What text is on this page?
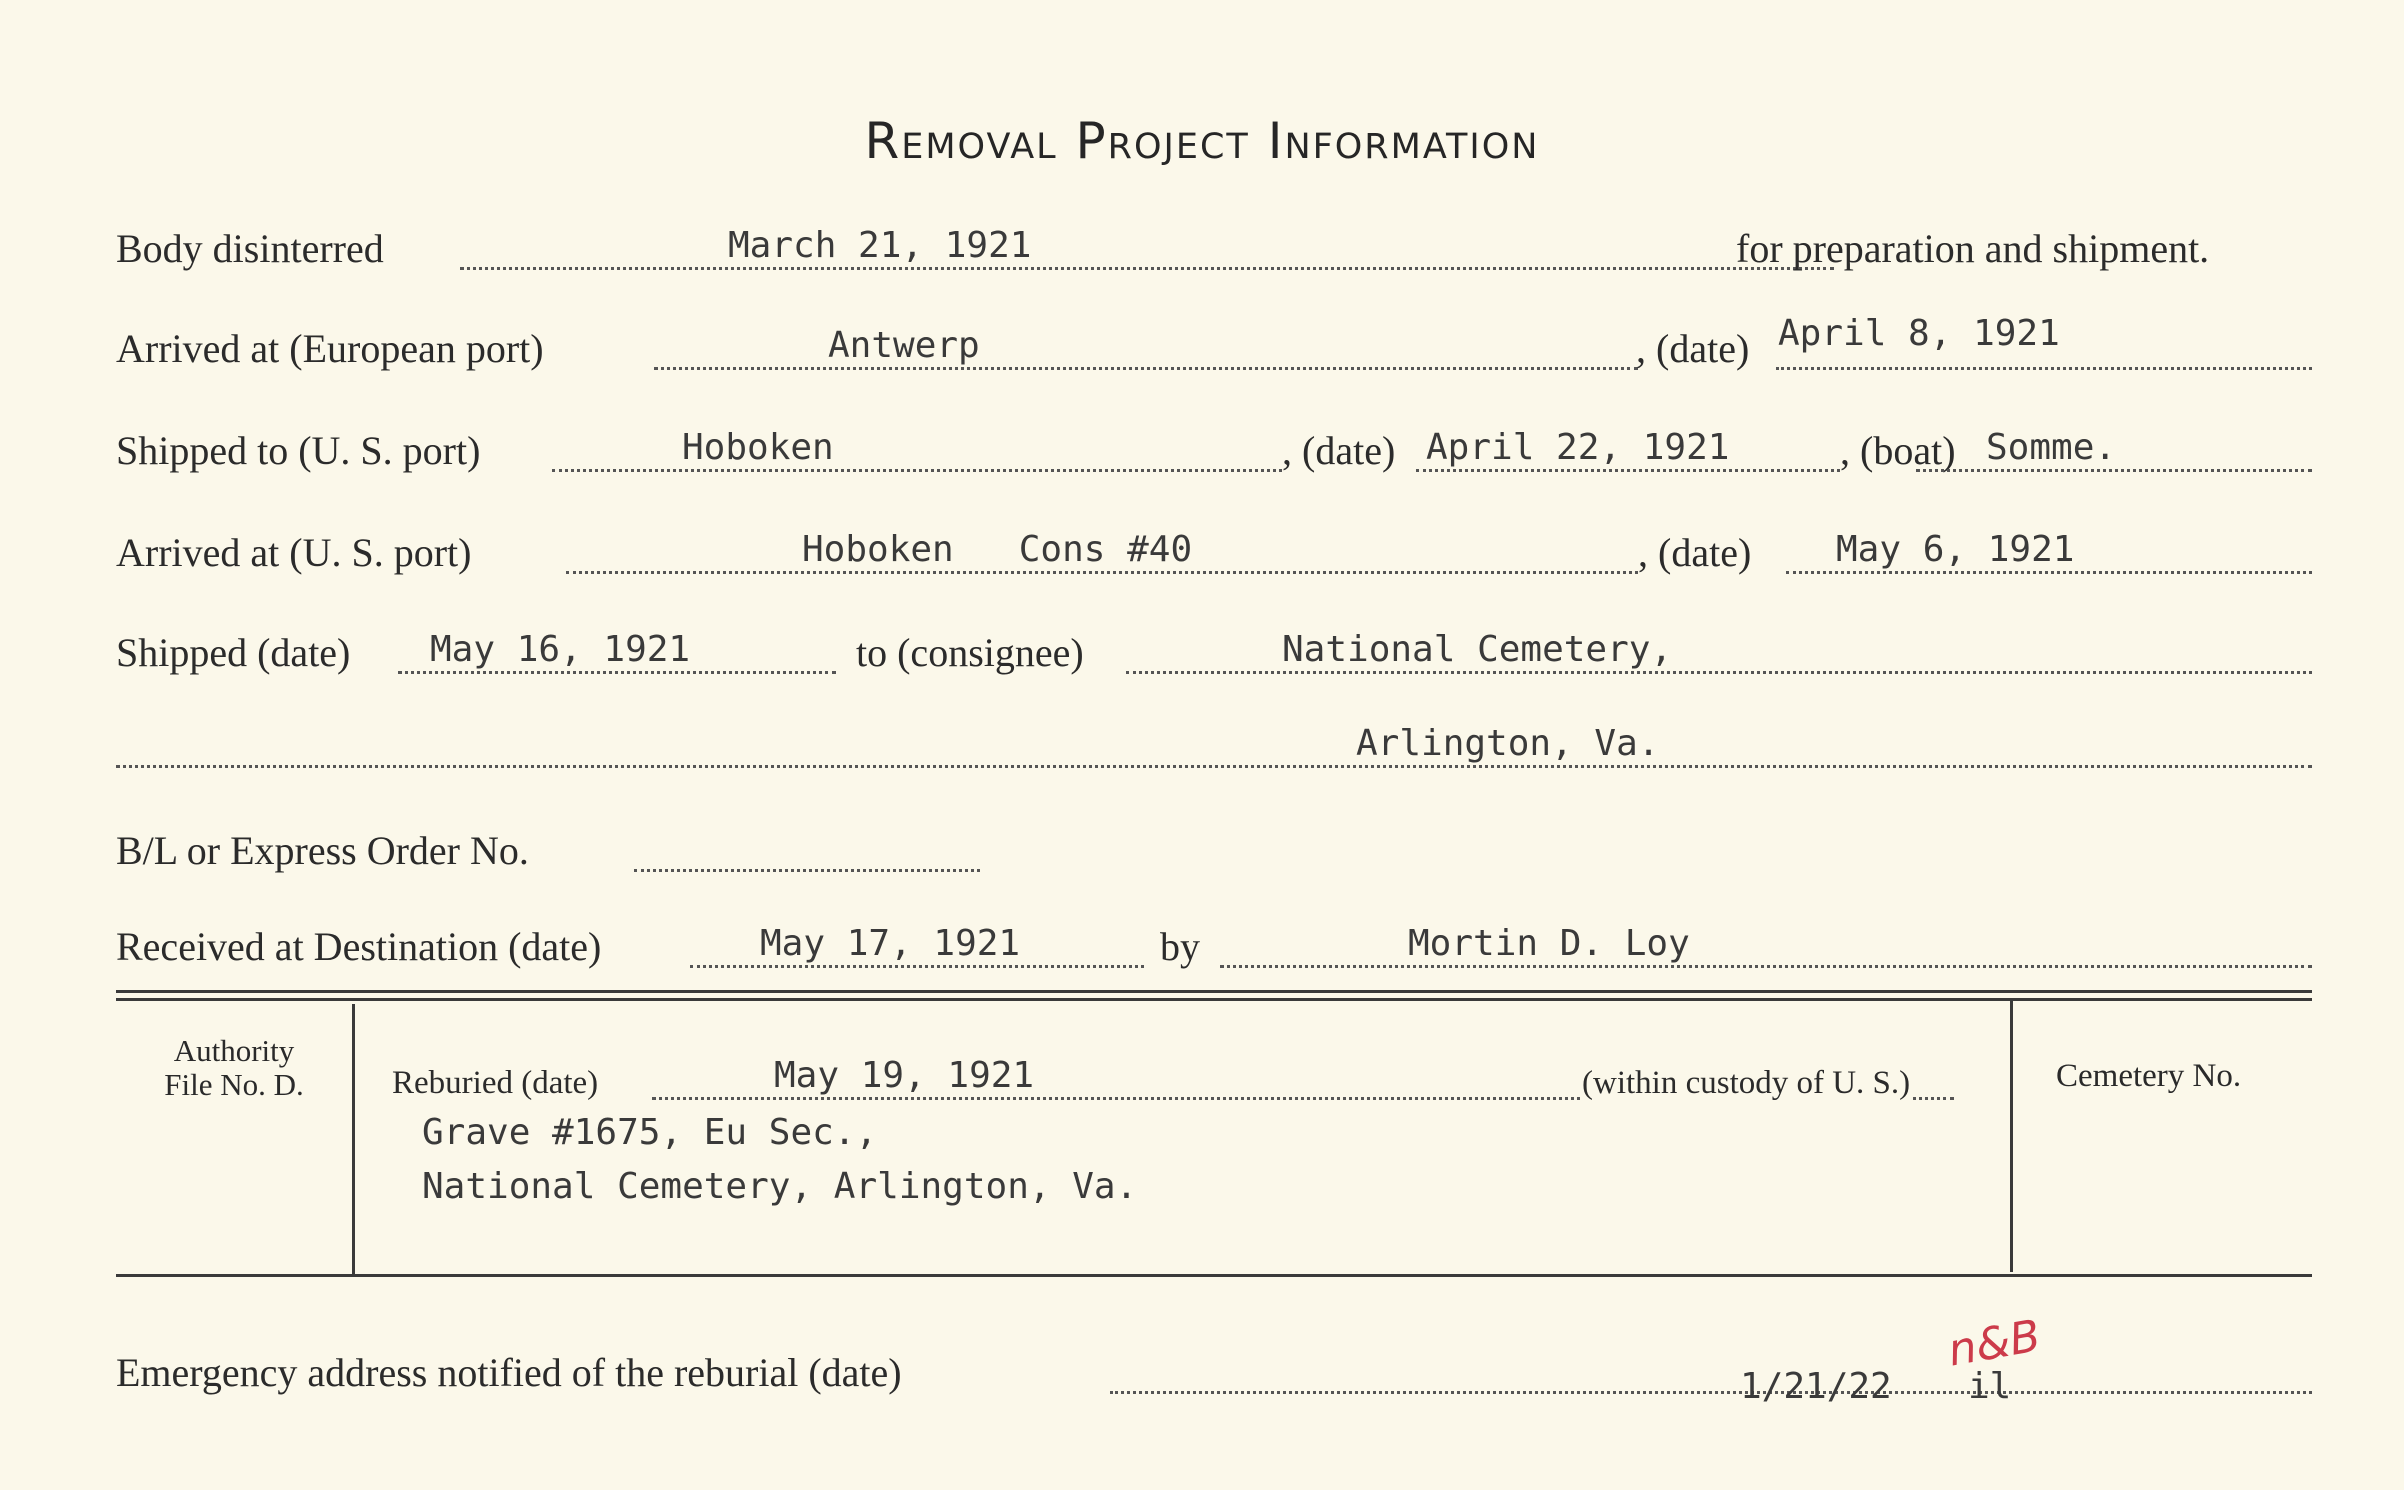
Removal Project Information
Body disinterred	March 21, 1921	for preparation and shipment.
Arrived at (European port)	Antwerp	, (date) April 8, 1921
Shipped to (U. S. port)	Hoboken	, (date) April 22, 1921	, (boat) Somme.
Arrived at (U. S. port)	Hoboken   Cons #40	, (date) May 6, 1921
Shipped (date) May 16, 1921	to (consignee)	National Cemetery,
Arlington, Va.
B/L or Express Order No.
Received at Destination (date)	May 17, 1921	by	Mortin D. Loy
Authority
File No. D.	Reburied (date)	May 19, 1921	(within custody of U. S.)
Grave #1675, Eu Sec.,
National Cemetery, Arlington, Va.
Cemetery No.
Emergency address notified of the reburial (date)	1/21/22 il
n&B
